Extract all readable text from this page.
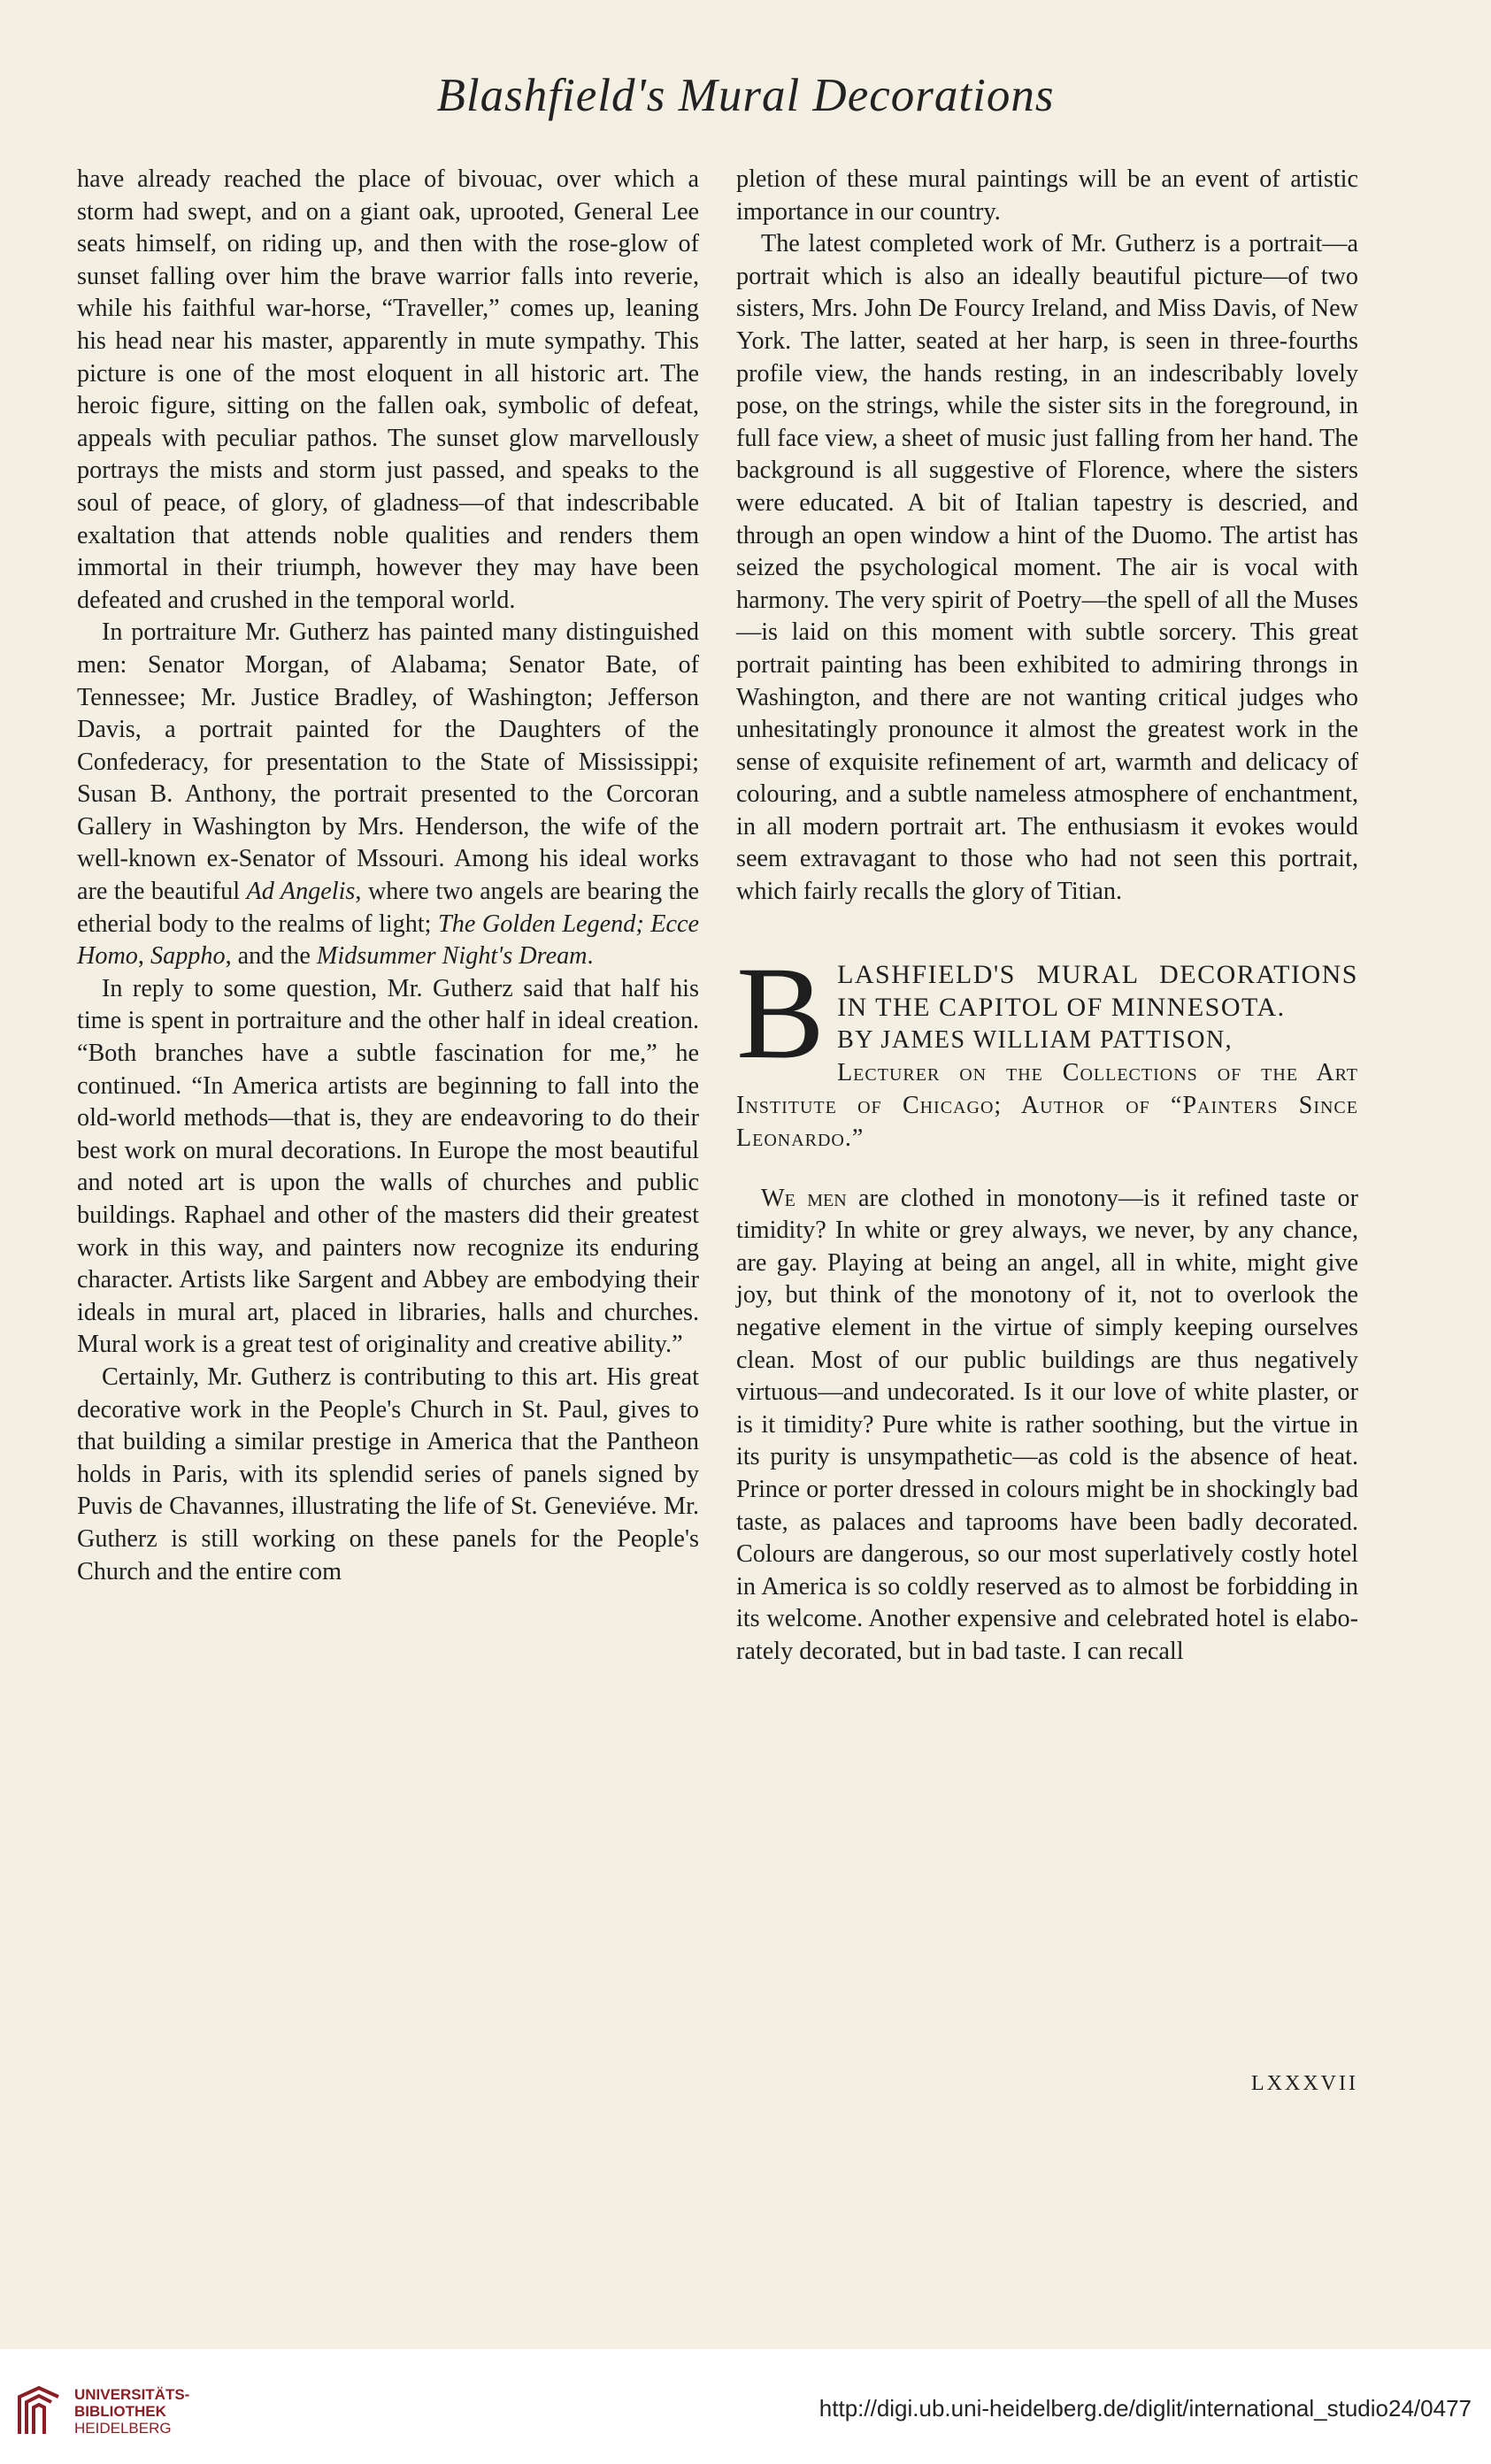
Blashfield's Mural Decorations

have already reached the place of bivouac, over which a storm had swept, and on a giant oak, uprooted, General Lee seats himself, on riding up, and then with the rose-glow of sunset falling over him the brave warrior falls into reverie, while his faithful war-horse, “Traveller,” comes up, leaning his head near his master, apparently in mute sympathy. This picture is one of the most eloquent in all historic art. The heroic figure, sitting on the fallen oak, symbolic of defeat, appeals with peculiar pathos. The sunset glow marvellously portrays the mists and storm just passed, and speaks to the soul of peace, of glory, of gladness—of that indescribable exaltation that attends noble qualities and renders them immortal in their triumph, however they may have been defeated and crushed in the temporal world.

In portraiture Mr. Gutherz has painted many distinguished men: Senator Morgan, of Alabama; Senator Bate, of Tennessee; Mr. Justice Bradley, of Washington; Jefferson Davis, a portrait painted for the Daughters of the Confederacy, for presentation to the State of Mississippi; Susan B. Anthony, the portrait presented to the Corcoran Gallery in Washington by Mrs. Henderson, the wife of the well-known ex-Senator of Mssouri. Among his ideal works are the beautiful Ad Angelis, where two angels are bearing the etherial body to the realms of light; The Golden Legend; Ecce Homo, Sappho, and the Midsummer Night's Dream.

In reply to some question, Mr. Gutherz said that half his time is spent in portraiture and the other half in ideal creation. “Both branches have a subtle fascination for me,” he continued. “In America artists are beginning to fall into the old-world methods—that is, they are endeavoring to do their best work on mural decorations. In Europe the most beautiful and noted art is upon the walls of churches and public buildings. Raphael and other of the masters did their greatest work in this way, and painters now recognize its enduring character. Artists like Sargent and Abbey are embodying their ideals in mural art, placed in libraries, halls and churches. Mural work is a great test of originality and creative ability.”

Certainly, Mr. Gutherz is contributing to this art. His great decorative work in the People's Church in St. Paul, gives to that building a similar prestige in America that the Pantheon holds in Paris, with its splendid series of panels signed by Puvis de Chavannes, illustrating the life of St. Geneviéve. Mr. Gutherz is still working on these panels for the People's Church and the entire com

pletion of these mural paintings will be an event of artistic importance in our country.

The latest completed work of Mr. Gutherz is a portrait—a portrait which is also an ideally beautiful picture—of two sisters, Mrs. John De Fourcy Ireland, and Miss Davis, of New York. The latter, seated at her harp, is seen in three-fourths profile view, the hands resting, in an indescribably lovely pose, on the strings, while the sister sits in the foreground, in full face view, a sheet of music just falling from her hand. The background is all suggestive of Florence, where the sisters were educated. A bit of Italian tapestry is descried, and through an open window a hint of the Duomo. The artist has seized the psychological moment. The air is vocal with harmony. The very spirit of Poetry—the spell of all the Muses—is laid on this moment with subtle sorcery. This great portrait painting has been exhibited to admiring throngs in Washington, and there are not wanting critical judges who unhesitatingly pronounce it almost the greatest work in the sense of exquisite refinement of art, warmth and delicacy of colouring, and a subtle nameless atmosphere of enchantment, in all modern portrait art. The enthusiasm it evokes would seem extravagant to those who had not seen this portrait, which fairly recalls the glory of Titian.

B LASHFIELD'S MURAL DECORATIONS IN THE CAPITOL OF MINNESOTA.
BY JAMES WILLIAM PATTISON,
Lecturer on the Collections of the Art Institute of Chicago; Author of “Painters Since Leonardo.”

We men are clothed in monotony—is it refined taste or timidity? In white or grey always, we never, by any chance, are gay. Playing at being an angel, all in white, might give joy, but think of the monotony of it, not to overlook the negative element in the virtue of simply keeping ourselves clean. Most of our public buildings are thus negatively virtuous—and undecorated. Is it our love of white plaster, or is it timidity? Pure white is rather soothing, but the virtue in its purity is unsympathetic—as cold is the absence of heat. Prince or porter dressed in colours might be in shockingly bad taste, as palaces and taprooms have been badly decorated. Colours are dangerous, so our most superlatively costly hotel in America is so coldly reserved as to almost be forbidding in its welcome. Another expensive and celebrated hotel is elaborately decorated, but in bad taste. I can recall

LXXXVII
UNIVERSITÄTS-
BIBLIOTHEK
HEIDELBERG
http://digi.ub.uni-heidelberg.de/diglit/international_studio24/0477
